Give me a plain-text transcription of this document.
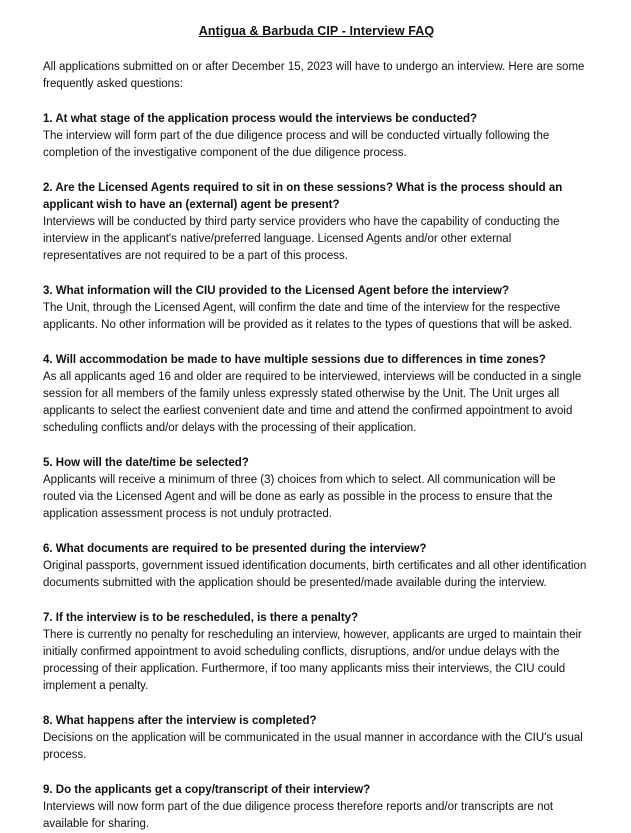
Antigua & Barbuda CIP - Interview FAQ

All applications submitted on or after December 15, 2023 will have to undergo an interview. Here are some frequently asked questions:

1. At what stage of the application process would the interviews be conducted?

The interview will form part of the due diligence process and will be conducted virtually following the completion of the investigative component of the due diligence process.

2. Are the Licensed Agents required to sit in on these sessions? What is the process should an applicant wish to have an (external) agent be present?

Interviews will be conducted by third party service providers who have the capability of conducting the interview in the applicant's native/preferred language. Licensed Agents and/or other external representatives are not required to be a part of this process.

3. What information will the CIU provided to the Licensed Agent before the interview?

The Unit, through the Licensed Agent, will confirm the date and time of the interview for the respective applicants. No other information will be provided as it relates to the types of questions that will be asked.

4. Will accommodation be made to have multiple sessions due to differences in time zones?

As all applicants aged 16 and older are required to be interviewed, interviews will be conducted in a single session for all members of the family unless expressly stated otherwise by the Unit. The Unit urges all applicants to select the earliest convenient date and time and attend the confirmed appointment to avoid scheduling conflicts and/or delays with the processing of their application.

5. How will the date/time be selected?

Applicants will receive a minimum of three (3) choices from which to select. All communication will be routed via the Licensed Agent and will be done as early as possible in the process to ensure that the application assessment process is not unduly protracted.

6. What documents are required to be presented during the interview?

Original passports, government issued identification documents, birth certificates and all other identification documents submitted with the application should be presented/made available during the interview.

7. If the interview is to be rescheduled, is there a penalty?

There is currently no penalty for rescheduling an interview, however, applicants are urged to maintain their initially confirmed appointment to avoid scheduling conflicts, disruptions, and/or undue delays with the processing of their application. Furthermore, if too many applicants miss their interviews, the CIU could implement a penalty.

8. What happens after the interview is completed?

Decisions on the application will be communicated in the usual manner in accordance with the CIU's usual process.

9. Do the applicants get a copy/transcript of their interview?

Interviews will now form part of the due diligence process therefore reports and/or transcripts are not available for sharing.
